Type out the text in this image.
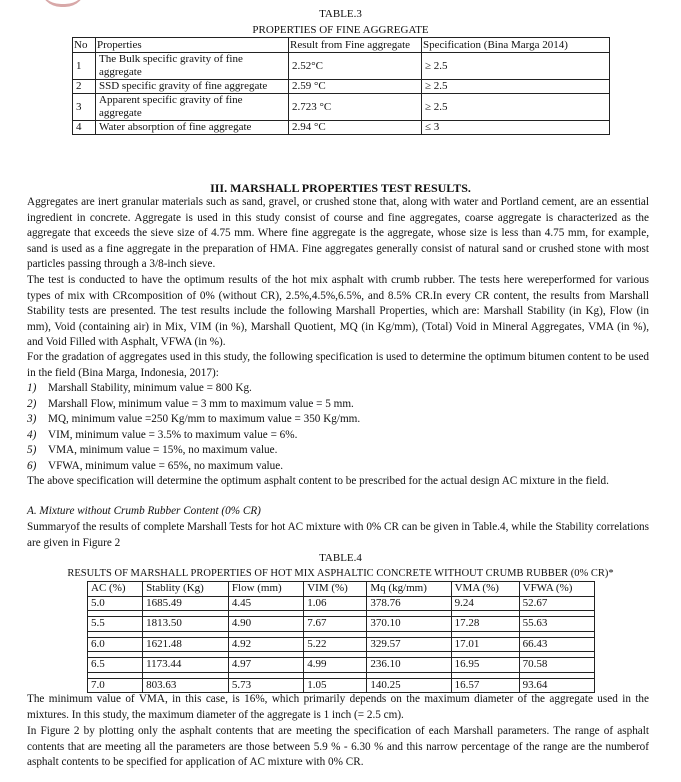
TABLE.3
PROPERTIES OF FINE AGGREGATE
No	Properties	Result from Fine aggregate	Specification (Bina Marga 2014)
1	The Bulk specific gravity of fine aggregate	2.52°C	≥ 2.5
2	SSD specific gravity of fine aggregate	2.59 °C	≥ 2.5
3	Apparent specific gravity of fine aggregate	2.723 °C	≥ 2.5
4	Water absorption of fine aggregate	2.94 °C	≤ 3
III. MARSHALL PROPERTIES TEST RESULTS.

Aggregates are inert granular materials such as sand, gravel, or crushed stone that, along with water and Portland cement, are an essential ingredient in concrete. Aggregate is used in this study consist of course and fine aggregates, coarse aggregate is characterized as the aggregate that exceeds the sieve size of 4.75 mm. Where fine aggregate is the aggregate, whose size is less than 4.75 mm, for example, sand is used as a fine aggregate in the preparation of HMA. Fine aggregates generally consist of natural sand or crushed stone with most particles passing through a 3/8-inch sieve.

The test is conducted to have the optimum results of the hot mix asphalt with crumb rubber. The tests here wereperformed for various types of mix with CRcomposition of 0% (without CR), 2.5%,4.5%,6.5%, and 8.5% CR.In every CR content, the results from Marshall Stability tests are presented. The test results include the following Marshall Properties, which are: Marshall Stability (in Kg), Flow (in mm), Void (containing air) in Mix, VIM (in %), Marshall Quotient, MQ (in Kg/mm), (Total) Void in Mineral Aggregates, VMA (in %), and Void Filled with Asphalt, VFWA (in %).

For the gradation of aggregates used in this study, the following specification is used to determine the optimum bitumen content to be used in the field (Bina Marga, Indonesia, 2017):

1) Marshall Stability, minimum value = 800 Kg.
2) Marshall Flow, minimum value = 3 mm to maximum value = 5 mm.
3) MQ, minimum value =250 Kg/mm to maximum value = 350 Kg/mm.
4) VIM, minimum value = 3.5% to maximum value = 6%.
5) VMA, minimum value = 15%, no maximum value.
6) VFWA, minimum value = 65%, no maximum value.

The above specification will determine the optimum asphalt content to be prescribed for the actual design AC mixture in the field.

A. Mixture without Crumb Rubber Content (0% CR)

Summaryof the results of complete Marshall Tests for hot AC mixture with 0% CR can be given in Table.4, while the Stability correlations are given in Figure 2

TABLE.4
RESULTS OF MARSHALL PROPERTIES OF HOT MIX ASPHALTIC CONCRETE WITHOUT CRUMB RUBBER (0% CR)*
AC (%)	Stablity (Kg)	Flow (mm)	VIM (%)	Mq (kg/mm)	VMA (%)	VFWA (%)
5.0	1685.49	4.45	1.06	378.76	9.24	52.67

5.5	1813.50	4.90	7.67	370.10	17.28	55.63

6.0	1621.48	4.92	5.22	329.57	17.01	66.43

6.5	1173.44	4.97	4.99	236.10	16.95	70.58

7.0	803.63	5.73	1.05	140.25	16.57	93.64

The minimum value of VMA, in this case, is 16%, which primarily depends on the maximum diameter of the aggregate used in the mixtures. In this study, the maximum diameter of the aggregate is 1 inch (= 2.5 cm).

In Figure 2 by plotting only the asphalt contents that are meeting the specification of each Marshall parameters. The range of asphalt contents that are meeting all the parameters are those between 5.9 % - 6.30 % and this narrow percentage of the range are the numberof asphalt contents to be specified for application of AC mixture with 0% CR.
